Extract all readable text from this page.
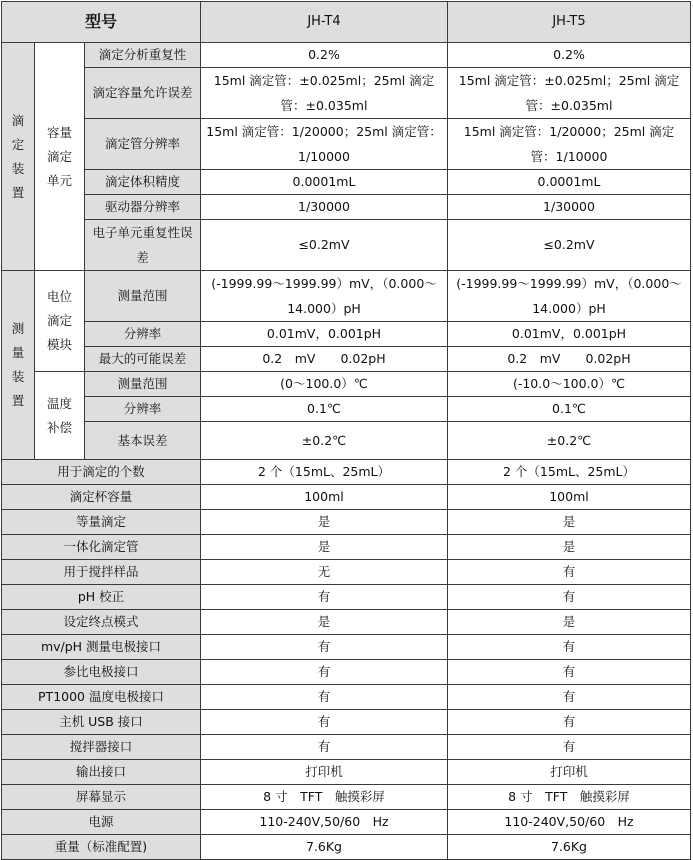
型号			JH-T4	JH-T5

滴定装置	容量滴定单元	滴定分析重复性	0.2%	0.2%
		滴定容量允许误差	15ml 滴定管：±0.025ml；25ml 滴定管：±0.035ml	15ml 滴定管：±0.025ml；25ml 滴定管：±0.035ml
		滴定管分辨率	15ml 滴定管：1/20000；25ml 滴定管：1/10000	15ml 滴定管：1/20000；25ml 滴定管：1/10000
		滴定体积精度	0.0001mL	0.0001mL
		驱动器分辨率	1/30000	1/30000
		电子单元重复性误差	≤0.2mV	≤0.2mV

测量装置	电位滴定模块	测量范围	(-1999.99～1999.99）mV，（0.000～14.000）pH	(-1999.99～1999.99）mV，（0.000～14.000）pH
		分辨率	0.01mV，0.001pH	0.01mV，0.001pH
		最大的可能误差	0.2　mV　　0.02pH	0.2　mV　　0.02pH

	温度补偿	测量范围	(0～100.0）℃	(-10.0～100.0）℃
		分辨率	0.1℃	0.1℃
		基本误差	±0.2℃	±0.2℃
用于滴定的个数			2 个（15mL、25mL）	2 个（15mL、25mL）
滴定杯容量			100ml	100ml
等量滴定			是	是
一体化滴定管			是	是
用于搅拌样品			无	有
pH 校正			有	有
设定终点模式			是	是
mv/pH 测量电极接口			有	有
参比电极接口			有	有
PT1000 温度电极接口			有	有
主机 USB 接口			有	有
搅拌器接口			有	有
输出接口			打印机	打印机
屏幕显示			8 寸　TFT　触摸彩屏	8 寸　TFT　触摸彩屏
电源			110-240V,50/60　Hz	110-240V,50/60　Hz
重量（标准配置)			7.6Kg	7.6Kg
